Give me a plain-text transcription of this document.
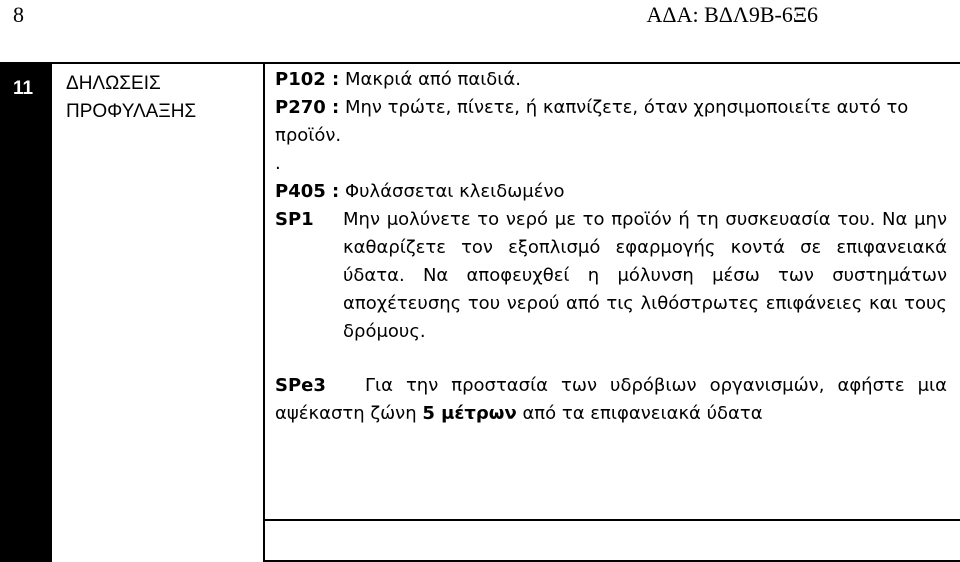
8	ΑΔΑ: ΒΔΛ9Β-6Ξ6
11 ΔΗΛΩΣΕΙΣ
ΠΡΟΦΥΛΑΞΗΣ

P102 : Μακριά από παιδιά.

P270 : Μην τρώτε, πίνετε, ή καπνίζετε, όταν χρησιμοποιείτε αυτό το προϊόν.

.

P405 : Φυλάσσεται κλειδωμένο

SP1	Μην μολύνετε το νερό με το προϊόν ή τη συσκευασία του. Να μην καθαρίζετε τον εξοπλισμό εφαρμογής κοντά σε επιφανειακά ύδατα. Να αποφευχθεί η μόλυνση μέσω των συστημάτων αποχέτευσης του νερού από τις λιθόστρωτες επιφάνειες και τους δρόμους.

SPe3 Για την προστασία των υδρόβιων οργανισμών, αφήστε μια αψέκαστη ζώνη 5 μέτρων από τα επιφανειακά ύδατα
